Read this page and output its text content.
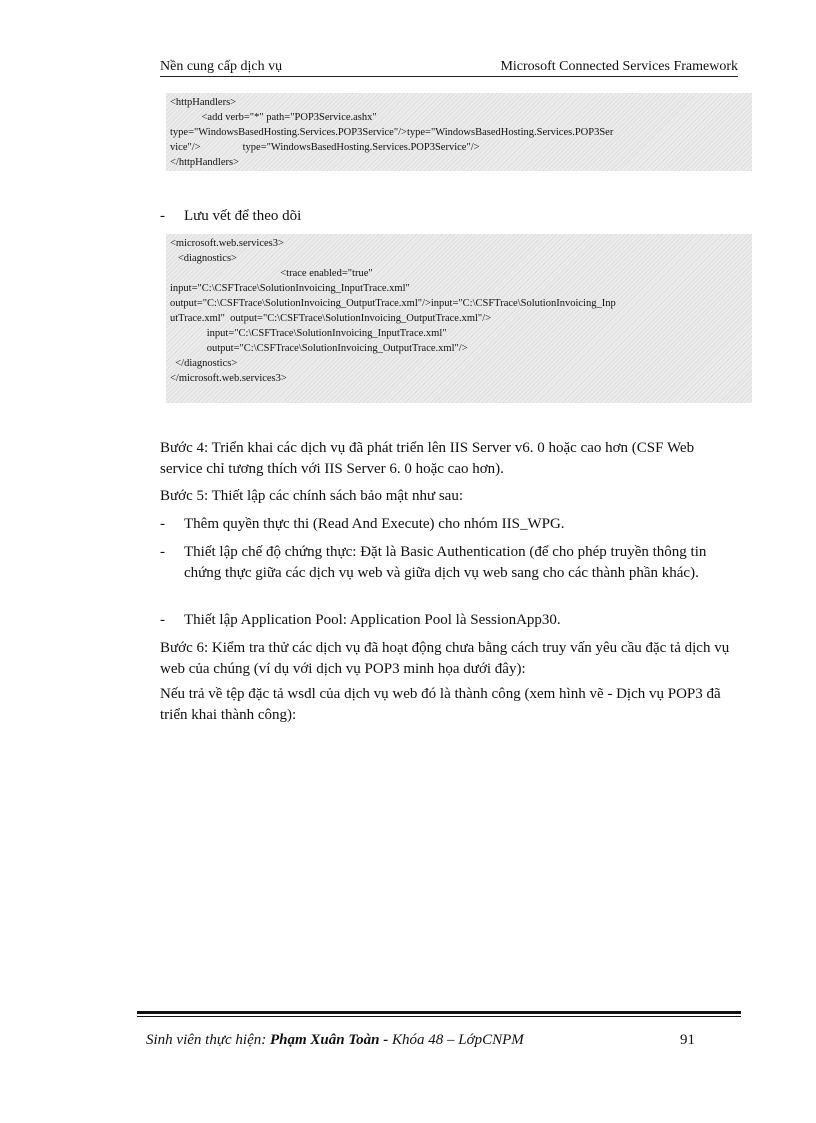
Nền cung cấp dịch vụ	Microsoft Connected Services Framework
<httpHandlers>
<add verb="*" path="POP3Service.ashx"
type="WindowsBasedHosting.Services.POP3Service"/>type="WindowsBasedHosting.Services.POP3Ser
vice"/>                type="WindowsBasedHosting.Services.POP3Service"/>
</httpHandlers>
- Lưu vết để theo dõi
<microsoft.web.services3>
<diagnostics>
<trace enabled="true"
input="C:\CSFTrace\SolutionInvoicing_InputTrace.xml"
output="C:\CSFTrace\SolutionInvoicing_OutputTrace.xml"/>input="C:\CSFTrace\SolutionInvoicing_Inp
utTrace.xml"  output="C:\CSFTrace\SolutionInvoicing_OutputTrace.xml"/>
input="C:\CSFTrace\SolutionInvoicing_InputTrace.xml"
output="C:\CSFTrace\SolutionInvoicing_OutputTrace.xml"/>
</diagnostics>
</microsoft.web.services3>
Bước 4: Triển khai các dịch vụ đã phát triển lên IIS Server v6. 0 hoặc cao hơn (CSF Web service chỉ tương thích với IIS Server 6. 0 hoặc cao hơn).
Bước 5: Thiết lập các chính sách bảo mật như sau:
- Thêm quyền thực thi (Read And Execute) cho nhóm IIS_WPG.
- Thiết lập chế độ chứng thực: Đặt là Basic Authentication (để cho phép truyền thông tin chứng thực giữa các dịch vụ web và giữa dịch vụ web sang cho các thành phần khác).
- Thiết lập Application Pool: Application Pool là SessionApp30.
Bước 6: Kiểm tra thử các dịch vụ đã hoạt động chưa bằng cách truy vấn yêu cầu đặc tả dịch vụ web của chúng (ví dụ với dịch vụ POP3 minh họa dưới đây):
Nếu trả về tệp đặc tả wsdl của dịch vụ web đó là thành công (xem hình vẽ - Dịch vụ POP3 đã triển khai thành công):
Sinh viên thực hiện: Phạm Xuân Toàn - Khóa 48 – LớpCNPM	91
